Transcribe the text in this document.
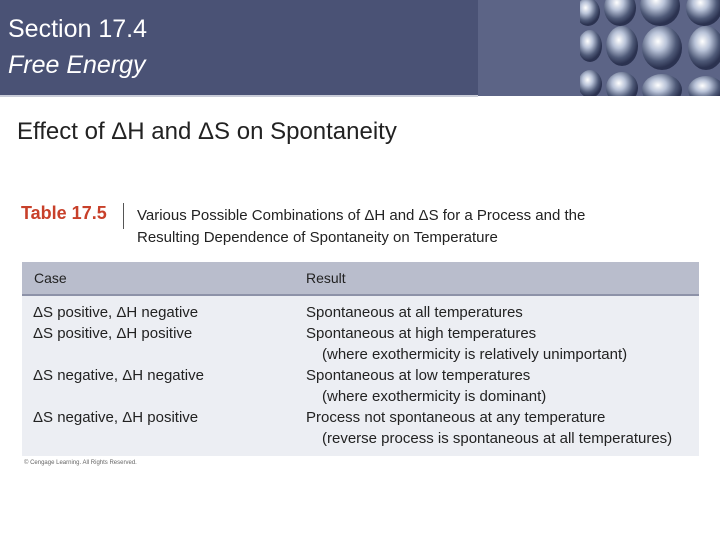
Section 17.4
Free Energy
Effect of ΔH and ΔS on Spontaneity
Table 17.5 Various Possible Combinations of ΔH and ΔS for a Process and the
Resulting Dependence of Spontaneity on Temperature
Case	Result
ΔS positive, ΔH negative	Spontaneous at all temperatures
ΔS positive, ΔH positive	Spontaneous at high temperatures
(where exothermicity is relatively unimportant)
ΔS negative, ΔH negative	Spontaneous at low temperatures
(where exothermicity is dominant)
ΔS negative, ΔH positive	Process not spontaneous at any temperature
(reverse process is spontaneous at all temperatures)
© Cengage Learning. All Rights Reserved.
